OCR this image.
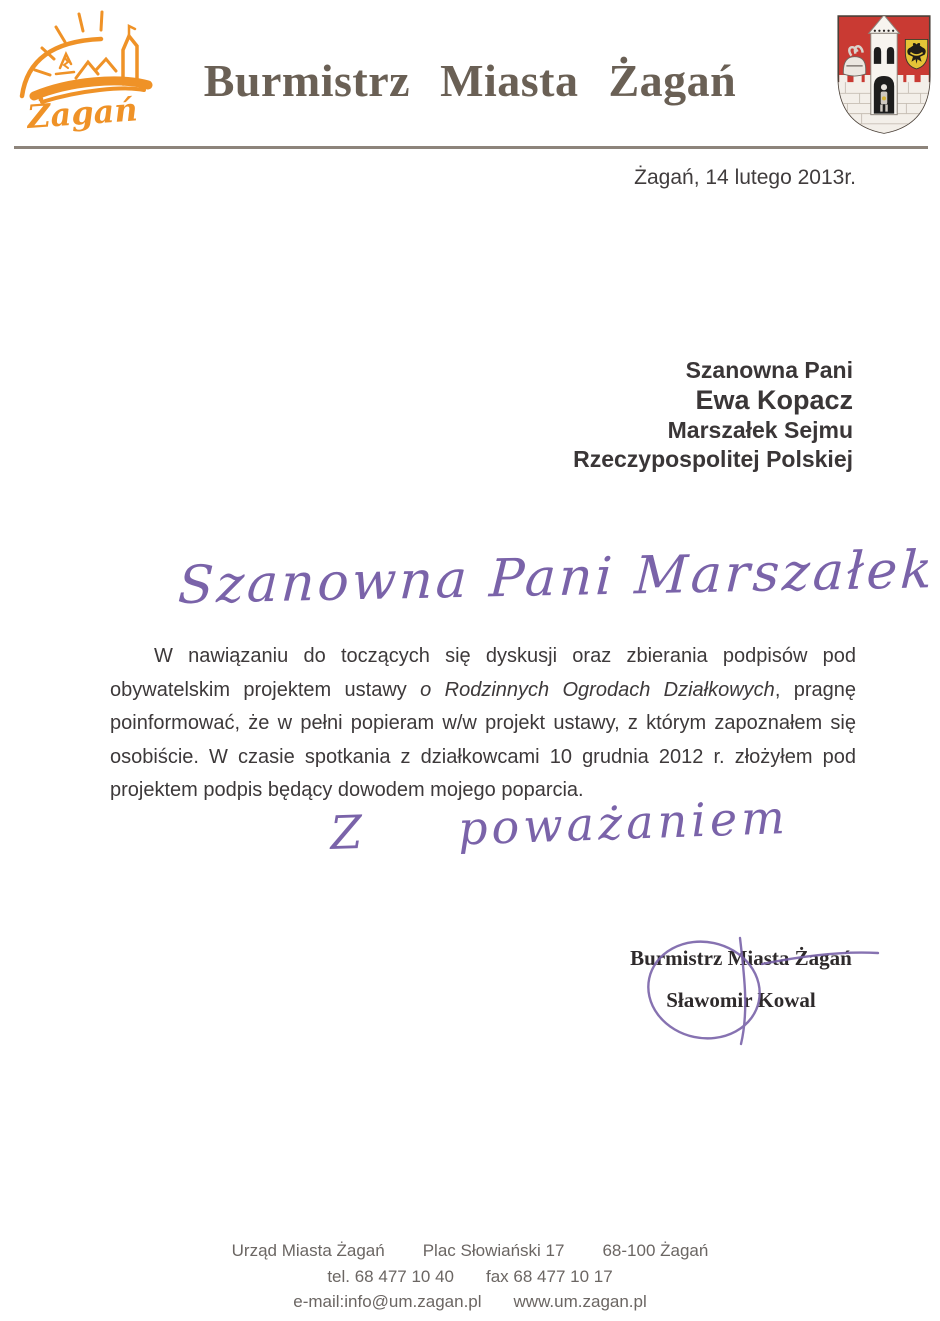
Żagań
Burmistrz Miasta Żagań
Żagań, 14 lutego 2013r.
Szanowna Pani
Ewa Kopacz
Marszałek Sejmu
Rzeczypospolitej Polskiej
Szanowna Pani Marszałek
W nawiązaniu do toczących się dyskusji oraz zbierania podpisów pod obywatelskim projektem ustawy o Rodzinnych Ogrodach Działkowych, pragnę poinformować, że w pełni popieram w/w projekt ustawy, z którym zapoznałem się osobiście. W czasie spotkania z działkowcami 10 grudnia 2012 r. złożyłem pod projektem podpis będący dowodem mojego poparcia.
Z poważaniem
Burmistrz Miasta Żagań
Sławomir Kowal
Urząd Miasta Żagań Plac Słowiański 17 68-100 Żagań
tel. 68 477 10 40 fax 68 477 10 17
e-mail:info@um.zagan.pl www.um.zagan.pl
